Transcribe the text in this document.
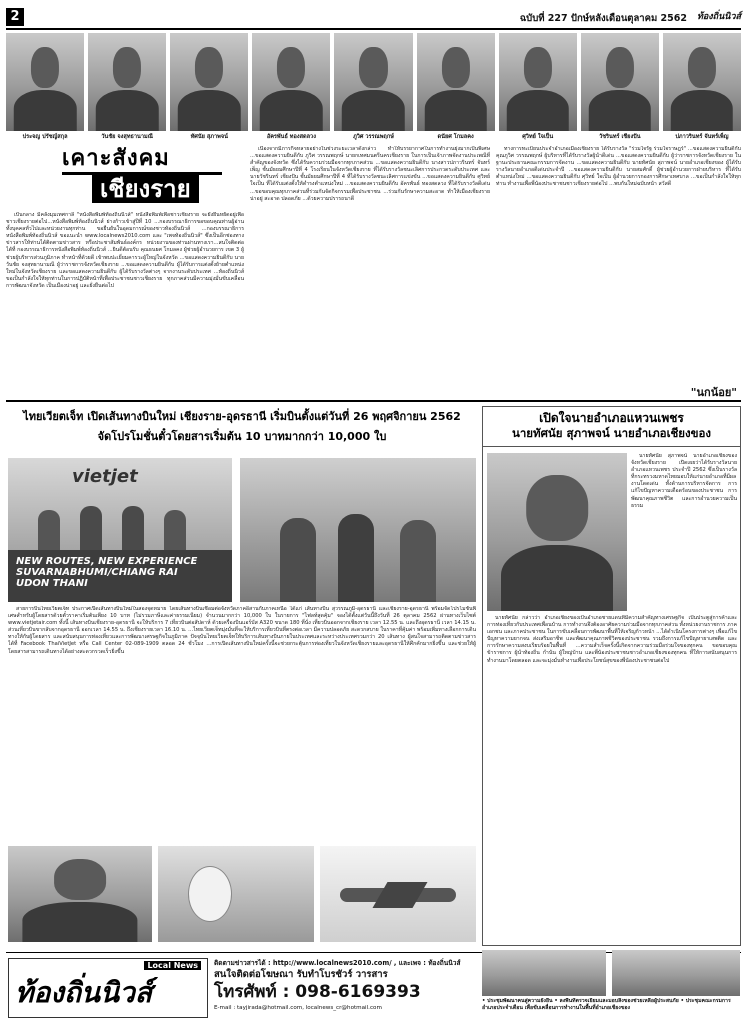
2	ฉบับที่ 227 ปักษ์หลังเดือนตุลาคม 2562 ท้องถิ่นนิวส์
ประจญ ปรัชญ์สกุล	วันชัย จงสุทธานามณี	ทัศนัย สุภาพจน์	อัครพันธ์ ทองสดลวง	ภูวิศ วรรณพฤกษ์	ดนัยศ โกมลคง	ศุวิทย์ ใจเป็น	วัชรินทร์ เชียงปัน	ปภาวรินทร์ จันทร์เพ็ญ
เคาะสังคม
เชียงราย

เป็นกลาง มีคลังมุมเทศกาลี "หนังสือพิมพ์ท้องถิ่นนิวส์" หนังสือพิมพ์เพื่อชาวเชียงราย จะยังยืนหยัดอยู่เพื่อชาวเชียงรายต่อไป...หนังสือพิมพ์ท้องถิ่นนิวส์ ย่างก้าวเข้าสู่ปีที่ 10 ...กองบรรณาธิการขอขอบคุณท่านผู้อ่าน ทั้งบุคคลทั่วไปและหน่วยงานทุกท่าน ขอยืนยันในอุดมการณ์ของชาวท้องถิ่นนิวส์ ...กองบรรณาธิการหนังสือพิมพ์ท้องถิ่นนิวส์ ขอแนะนำ www.localnews2010.com และ "เพจท้องถิ่นนิวส์" ซึ่งเป็นอีกช่องทางข่าวสารให้ท่านได้ติดตามข่าวสาร หรือประชาสัมพันธ์องค์กร หน่วยงานของท่านผ่านทางเรา...สนใจติดต่อได้ที่ กองบรรณาธิการหนังสือพิมพ์ท้องถิ่นนิวส์ ...ยินดีต้อนรับ คุณธนยศ โกมลคง ผู้ช่วยผู้อำนวยการ เขต 3 ผู้ช่วยผู้บริหารส่วนภูมิภาค ทำหน้าที่ด้วยดี เข้าพบปะเยี่ยมคารวะผู้ใหญ่ในจังหวัด ...ขอแสดงความยินดีกับ นายวันชัย จงสุทธานามณี ผู้ว่าราชการจังหวัดเชียงราย ...ขอแสดงความยินดีกับ ผู้ได้รับการแต่งตั้งย้ายตำแหน่งใหม่ในจังหวัดเชียงราย และขอแสดงความยินดีกับ ผู้ได้รับรางวัลต่างๆ จากงานระดับประเทศ ...ท้องถิ่นนิวส์ขอเป็นกำลังใจให้ทุกท่านในการปฏิบัติหน้าที่เพื่อประชาชนชาวเชียงราย ทุกภาคส่วนมีความมุ่งมั่นขับเคลื่อนการพัฒนาจังหวัด เป็นเมืองน่าอยู่ และยั่งยืนต่อไป

เนื่องจากมีภารกิจหลายอย่างในช่วงระยะเวลาดังกล่าว ทำให้บรรยากาศในการทำงานยุ่งมากเป็นพิเศษ ...ขอแสดงความยินดีกับ ภูวิศ วรรณพฤกษ์ นายกเทศมนตรีนครเชียงราย ในการเป็นเจ้าภาพจัดงานประเพณีที่สำคัญของจังหวัด ซึ่งได้รับความร่วมมือจากทุกภาคส่วน ...ขอแสดงความยินดีกับ นางสาวปภาวรินทร์ จันทร์เพ็ญ ชั้นมัธยมศึกษาปีที่ 4 โรงเรียนในจังหวัดเชียงราย ที่ได้รับรางวัลชนะเลิศการประกวดระดับประเทศ และนายวัชรินทร์ เชียงปัน ชั้นมัธยมศึกษาปีที่ 4 ที่ได้รับรางวัลชนะเลิศการแข่งขัน ...ขอแสดงความยินดีกับ ศุวิทย์ ใจเป็น ที่ได้รับแต่งตั้งให้ดำรงตำแหน่งใหม่ ...ขอแสดงความยินดีกับ อัครพันธ์ ทองสดลวง ที่ได้รับรางวัลดีเด่น ...ขอขอบคุณทุกภาคส่วนที่ร่วมกันจัดกิจกรรมเพื่อประชาชน ...ร่วมกันรักษาความสะอาด ทำให้เมืองเชียงรายน่าอยู่ สะอาด ปลอดภัย ...ด้วยความปรารถนาดี

ทางการทะเบียนประจำอำเภอเมืองเชียงราย ได้รับรางวัล "ร่วมใจรัฐ ร่วมใจราษฎร์" ...ขอแสดงความยินดีกับ คุณภูวิศ วรรณพฤกษ์ ผู้บริหารที่ได้รับรางวัลผู้นำดีเด่น ...ขอแสดงความยินดีกับ ผู้ว่าราชการจังหวัดเชียงราย ในฐานะประธานคณะกรรมการจัดงาน ...ขอแสดงความยินดีกับ นายทัศนัย สุภาพจน์ นายอำเภอเชียงของ ผู้ได้รับรางวัลนายอำเภอดีเด่นประจำปี ...ขอแสดงความยินดีกับ นายสมศักดิ์ ผู้ช่วยผู้อำนวยการฝ่ายบริหาร ที่ได้รับตำแหน่งใหม่ ...ขอแสดงความยินดีกับ ศุวิทย์ ใจเป็น ผู้อำนวยการกองการศึกษาเทศบาล ...ขอเป็นกำลังใจให้ทุกท่าน ทำงานเพื่อพี่น้องประชาชนชาวเชียงรายต่อไป ...พบกันใหม่ฉบับหน้า สวัสดี

"นกน้อย"
ไทยเวียตเจ็ท เปิดเส้นทางบินใหม่ เชียงราย-อุดรธานี เริ่มบินตั้งแต่วันที่ 26 พฤศจิกายน 2562
จัดโปรโมชั่นตั๋วโดยสารเริ่มต้น 10 บาทมากกว่า 10,000 ใบ
vietjet
NEW ROUTES, NEW EXPERIENCE
SUVARNABHUMI/CHIANG RAI
UDON THANI

สายการบินไทยเวียตเจ็ท ประกาศเปิดเส้นทางบินใหม่ในสองจุดหมาย โดยเส้นทางบินเชื่อมต่อจังหวัดภาคอีสานกับภาคเหนือ ได้แก่ เส้นทางบิน สุวรรณภูมิ-อุดรธานี และเชียงราย-อุดรธานี พร้อมจัดโปรโมชั่นพิเศษสำหรับผู้โดยสารด้วยตั๋วราคาเริ่มต้นเพียง 10 บาท (ไม่รวมภาษีและค่าธรรมเนียม) จำนวนมากกว่า 10,000 ใบ ในรายการ "ไฟลท์สุดคุ้ม" จองได้ตั้งแต่วันนี้ถึงวันที่ 26 ตุลาคม 2562 ผ่านทางเว็บไซต์ www.vietjetair.com ทั้งนี้ เส้นทางบินเชียงราย-อุดรธานี จะให้บริการ 7 เที่ยวบินต่อสัปดาห์ ด้วยเครื่องบินแอร์บัส A320 ขนาด 180 ที่นั่ง เที่ยวบินออกจากเชียงราย เวลา 12.55 น. และถึงอุดรธานี เวลา 14.15 น. ส่วนเที่ยวบินขากลับจากอุดรธานี ออกเวลา 14.55 น. ถึงเชียงรายเวลา 16.10 น. ...ไทยเวียตเจ็ทมุ่งมั่นที่จะให้บริการเที่ยวบินที่ตรงต่อเวลา มีความปลอดภัย สะดวกสบาย ในราคาที่คุ้มค่า พร้อมเพิ่มทางเลือกการเดินทางให้กับผู้โดยสาร และสนับสนุนการท่องเที่ยวและการพัฒนาเศรษฐกิจในภูมิภาค ปัจจุบันไทยเวียตเจ็ทให้บริการเส้นทางบินภายในประเทศและระหว่างประเทศรวมกว่า 20 เส้นทาง ผู้สนใจสามารถติดตามข่าวสารได้ที่ Facebook ThaiVietJet หรือ Call Center 02-089-1909 ตลอด 24 ชั่วโมง ...การเปิดเส้นทางบินใหม่ครั้งนี้จะช่วยกระตุ้นการท่องเที่ยวในจังหวัดเชียงรายและอุดรธานีให้คึกคักมากยิ่งขึ้น และช่วยให้ผู้โดยสารสามารถเดินทางได้อย่างสะดวกรวดเร็วยิ่งขึ้น

เปิดใจนายอำเภอแหวนเพชร
นายทัศนัย สุภาพจน์ นายอำเภอเชียงของ

นายทัศนัย สุภาพจน์ นายอำเภอเชียงของ จังหวัดเชียงราย เปิดเผยว่าได้รับรางวัลนายอำเภอแหวนเพชร ประจำปี 2562 ซึ่งเป็นรางวัลที่กระทรวงมหาดไทยมอบให้แก่นายอำเภอที่มีผลงานโดดเด่น ทั้งด้านการบริหารจัดการ การแก้ไขปัญหาความเดือดร้อนของประชาชน การพัฒนาคุณภาพชีวิต และการอำนวยความเป็นธรรม

นายทัศนัย กล่าวว่า อำเภอเชียงของเป็นอำเภอชายแดนที่มีความสำคัญทางเศรษฐกิจ เป็นประตูสู่การค้าและการท่องเที่ยวกับประเทศเพื่อนบ้าน การทำงานจึงต้องอาศัยความร่วมมือจากทุกภาคส่วน ทั้งหน่วยงานราชการ ภาคเอกชน และภาคประชาชน ในการขับเคลื่อนการพัฒนาพื้นที่ให้เจริญก้าวหน้า ...ได้ดำเนินโครงการต่างๆ เพื่อแก้ไขปัญหาความยากจน ส่งเสริมอาชีพ และพัฒนาคุณภาพชีวิตของประชาชน รวมถึงการแก้ไขปัญหายาเสพติด และการรักษาความสงบเรียบร้อยในพื้นที่ ...ความสำเร็จครั้งนี้เกิดจากความร่วมมือร่วมใจของทุกคน ขอขอบคุณข้าราชการ ผู้นำท้องถิ่น กำนัน ผู้ใหญ่บ้าน และพี่น้องประชาชนชาวอำเภอเชียงของทุกคน ที่ให้การสนับสนุนการทำงานมาโดยตลอด และจะมุ่งมั่นทำงานเพื่อประโยชน์สุขของพี่น้องประชาชนต่อไป

Local News
ท้องถิ่นนิวส์
ติดตามข่าวสารได้ : http://www.localnews2010.com/ , และเพจ : ท้องถิ่นนิวส์
สนใจติดต่อโฆษณา รับทำโบรชัวร์ วารสาร
โทรศัพท์ : 098-6169393
E-mail : tayjirada@hotmail.com, localnews_cr@hotmail.com
• ประชุมพัฒนาคนสู่ความยั่งยืน • ลงพื้นที่ตรวจเยี่ยมและมอบสิ่งของช่วยเหลือผู้ประสบภัย • ประชุมคณะกรมการอำเภอประจำเดือน เพื่อขับเคลื่อนการทำงานในพื้นที่อำเภอเชียงของ
